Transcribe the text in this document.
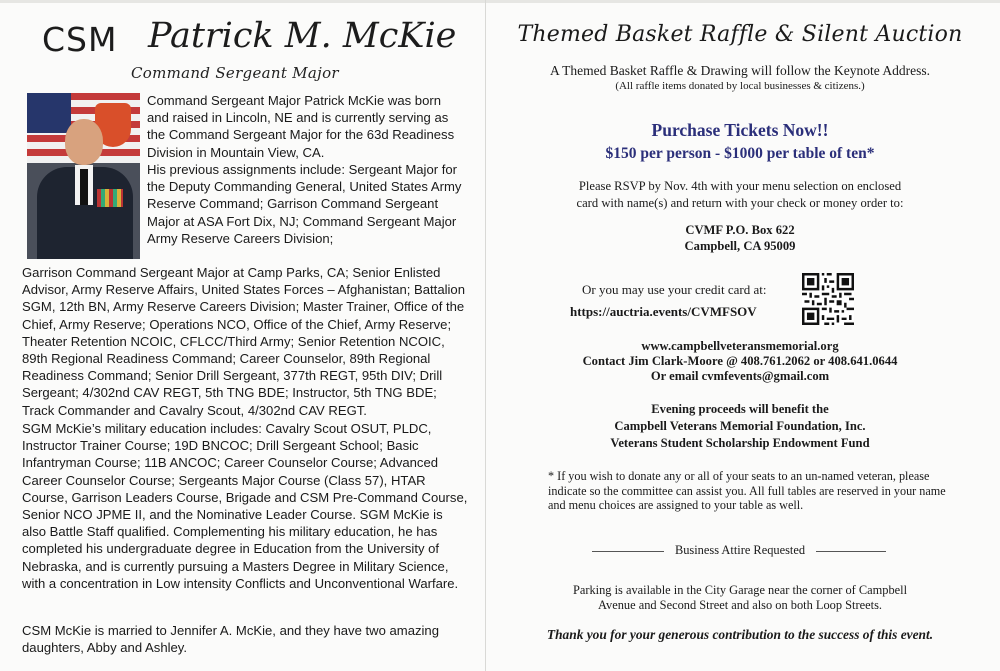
CSM Patrick M. McKie
Command Sergeant Major
Command Sergeant Major Patrick McKie was born and raised in Lincoln, NE and is currently serving as the Command Sergeant Major for the 63d Readiness Division in Mountain View, CA.
His previous assignments include: Sergeant Major for the Deputy Commanding General, United States Army Reserve Command; Garrison Command Sergeant Major at ASA Fort Dix, NJ; Command Sergeant Major Army Reserve Careers Division;
Garrison Command Sergeant Major at Camp Parks, CA; Senior Enlisted Advisor, Army Reserve Affairs, United States Forces – Afghanistan; Battalion SGM, 12th BN, Army Reserve Careers Division; Master Trainer, Office of the Chief, Army Reserve; Operations NCO, Office of the Chief, Army Reserve; Theater Retention NCOIC, CFLCC/Third Army; Senior Retention NCOIC, 89th Regional Readiness Command; Career Counselor, 89th Regional Readiness Command; Senior Drill Sergeant, 377th REGT, 95th DIV; Drill Sergeant; 4/302nd CAV REGT, 5th TNG BDE; Instructor, 5th TNG BDE; Track Commander and Cavalry Scout, 4/302nd CAV REGT.
SGM McKie’s military education includes: Cavalry Scout OSUT, PLDC, Instructor Trainer Course; 19D BNCOC; Drill Sergeant School; Basic Infantryman Course; 11B ANCOC; Career Counselor Course; Advanced Career Counselor Course; Sergeants Major Course (Class 57), HTAR Course, Garrison Leaders Course, Brigade and CSM Pre-Command Course, Senior NCO JPME II, and the Nominative Leader Course. SGM McKie is also Battle Staff qualified. Complementing his military education, he has completed his undergraduate degree in Education from the University of Nebraska, and is currently pursuing a Masters Degree in Military Science, with a concentration in Low intensity Conflicts and Unconventional Warfare.
CSM McKie is married to Jennifer A. McKie, and they have two amazing daughters, Abby and Ashley.
Themed Basket Raffle & Silent Auction
A Themed Basket Raffle & Drawing will follow the Keynote Address.
(All raffle items donated by local businesses & citizens.)
Purchase Tickets Now!!
$150 per person - $1000 per table of ten*
Please RSVP by Nov. 4th with your menu selection on enclosed
card with name(s) and return with your check or money order to:
CVMF P.O. Box 622
Campbell, CA 95009
Or you may use your credit card at:
https://auctria.events/CVMFSOV
www.campbellveteransmemorial.org
Contact Jim Clark-Moore @ 408.761.2062 or 408.641.0644
Or email cvmfevents@gmail.com
Evening proceeds will benefit the
Campbell Veterans Memorial Foundation, Inc.
Veterans Student Scholarship Endowment Fund
* If you wish to donate any or all of your seats to an un-named veteran, please indicate so the committee can assist you. All full tables are reserved in your name and menu choices are assigned to your table as well.
Business Attire Requested
Parking is available in the City Garage near the corner of Campbell
Avenue and Second Street and also on both Loop Streets.
Thank you for your generous contribution to the success of this event.
